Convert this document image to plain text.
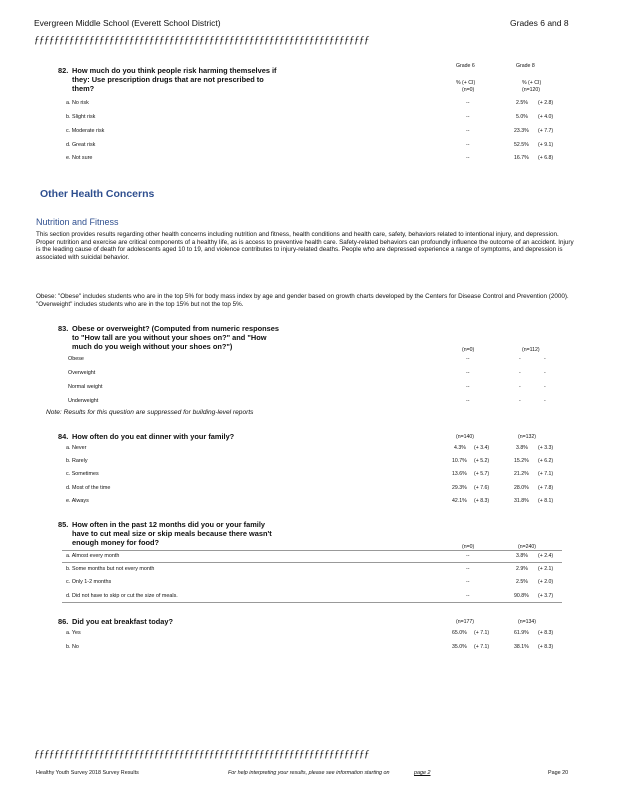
Evergreen Middle School (Everett School District)	Grades 6 and 8
ƒƒƒƒƒƒƒƒƒƒƒƒƒƒƒƒƒƒƒƒƒƒƒƒƒƒƒƒƒƒƒƒƒƒƒƒƒƒƒƒƒƒƒƒƒƒƒƒƒƒƒƒƒƒƒƒƒƒƒƒƒƒƒƒƒƒƒ
Grade 6	Grade 8
% (+ CI)	% (+ CI)
(n=0)	(n=120)
82. How much do you think people risk harming themselves if
they: Use prescription drugs that are not prescribed to
them?
a. No risk	--	2.5% (+ 2.8)
b. Slight risk	--	5.0% (+ 4.0)
c. Moderate risk	--	23.3% (+ 7.7)
d. Great risk	--	52.5% (+ 9.1)
e. Not sure	--	16.7% (+ 6.8)
Other Health Concerns
Nutrition and Fitness
This section provides results regarding other health concerns including nutrition and fitness, health conditions and health care, safety, behaviors related to intentional injury, and depression. Proper nutrition and exercise are critical components of a healthy life, as is access to preventive health care. Safety-related behaviors can profoundly influence the outcome of an accident. Injury is the leading cause of death for adolescents aged 10 to 19, and violence contributes to injury-related deaths. People who are depressed experience a range of symptoms, and depression is associated with suicidal behavior.
Obese: "Obese" includes students who are in the top 5% for body mass index by age and gender based on growth charts developed by the Centers for Disease Control and Prevention (2000). "Overweight" includes students who are in the top 15% but not the top 5%.
83. Obese or overweight? (Computed from numeric responses
to "How tall are you without your shoes on?" and "How
much do you weigh without your shoes on?")	(n=0)	(n=112)
Obese	--	-	-
Overweight	--	-	-
Normal weight	--	-	-
Underweight	--	-	-
Note: Results for this question are suppressed for building-level reports
84. How often do you eat dinner with your family?	(n=140)	(n=132)
a. Never	4.3% (+ 3.4)	3.8% (+ 3.3)
b. Rarely	10.7% (+ 5.2)	15.2% (+ 6.2)
c. Sometimes	13.6% (+ 5.7)	21.2% (+ 7.1)
d. Most of the time	29.3% (+ 7.6)	28.0% (+ 7.8)
e. Always	42.1% (+ 8.3)	31.8% (+ 8.1)
85. How often in the past 12 months did you or your family
have to cut meal size or skip meals because there wasn't
enough money for food?	(n=0)	(n=240)
a. Almost every month	--	3.8% (+ 2.4)
b. Some months but not every month	--	2.9% (+ 2.1)
c. Only 1-2 months	--	2.5% (+ 2.0)
d. Did not have to skip or cut the size of meals.	--	90.8% (+ 3.7)
86. Did you eat breakfast today?	(n=177)	(n=134)
a. Yes	65.0% (+ 7.1)	61.9% (+ 8.3)
b. No	35.0% (+ 7.1)	38.1% (+ 8.3)
ƒƒƒƒƒƒƒƒƒƒƒƒƒƒƒƒƒƒƒƒƒƒƒƒƒƒƒƒƒƒƒƒƒƒƒƒƒƒƒƒƒƒƒƒƒƒƒƒƒƒƒƒƒƒƒƒƒƒƒƒƒƒƒƒƒƒƒ
Healthy Youth Survey 2018 Survey Results	For help interpreting your results, please see information starting on	page 2	Page 20
